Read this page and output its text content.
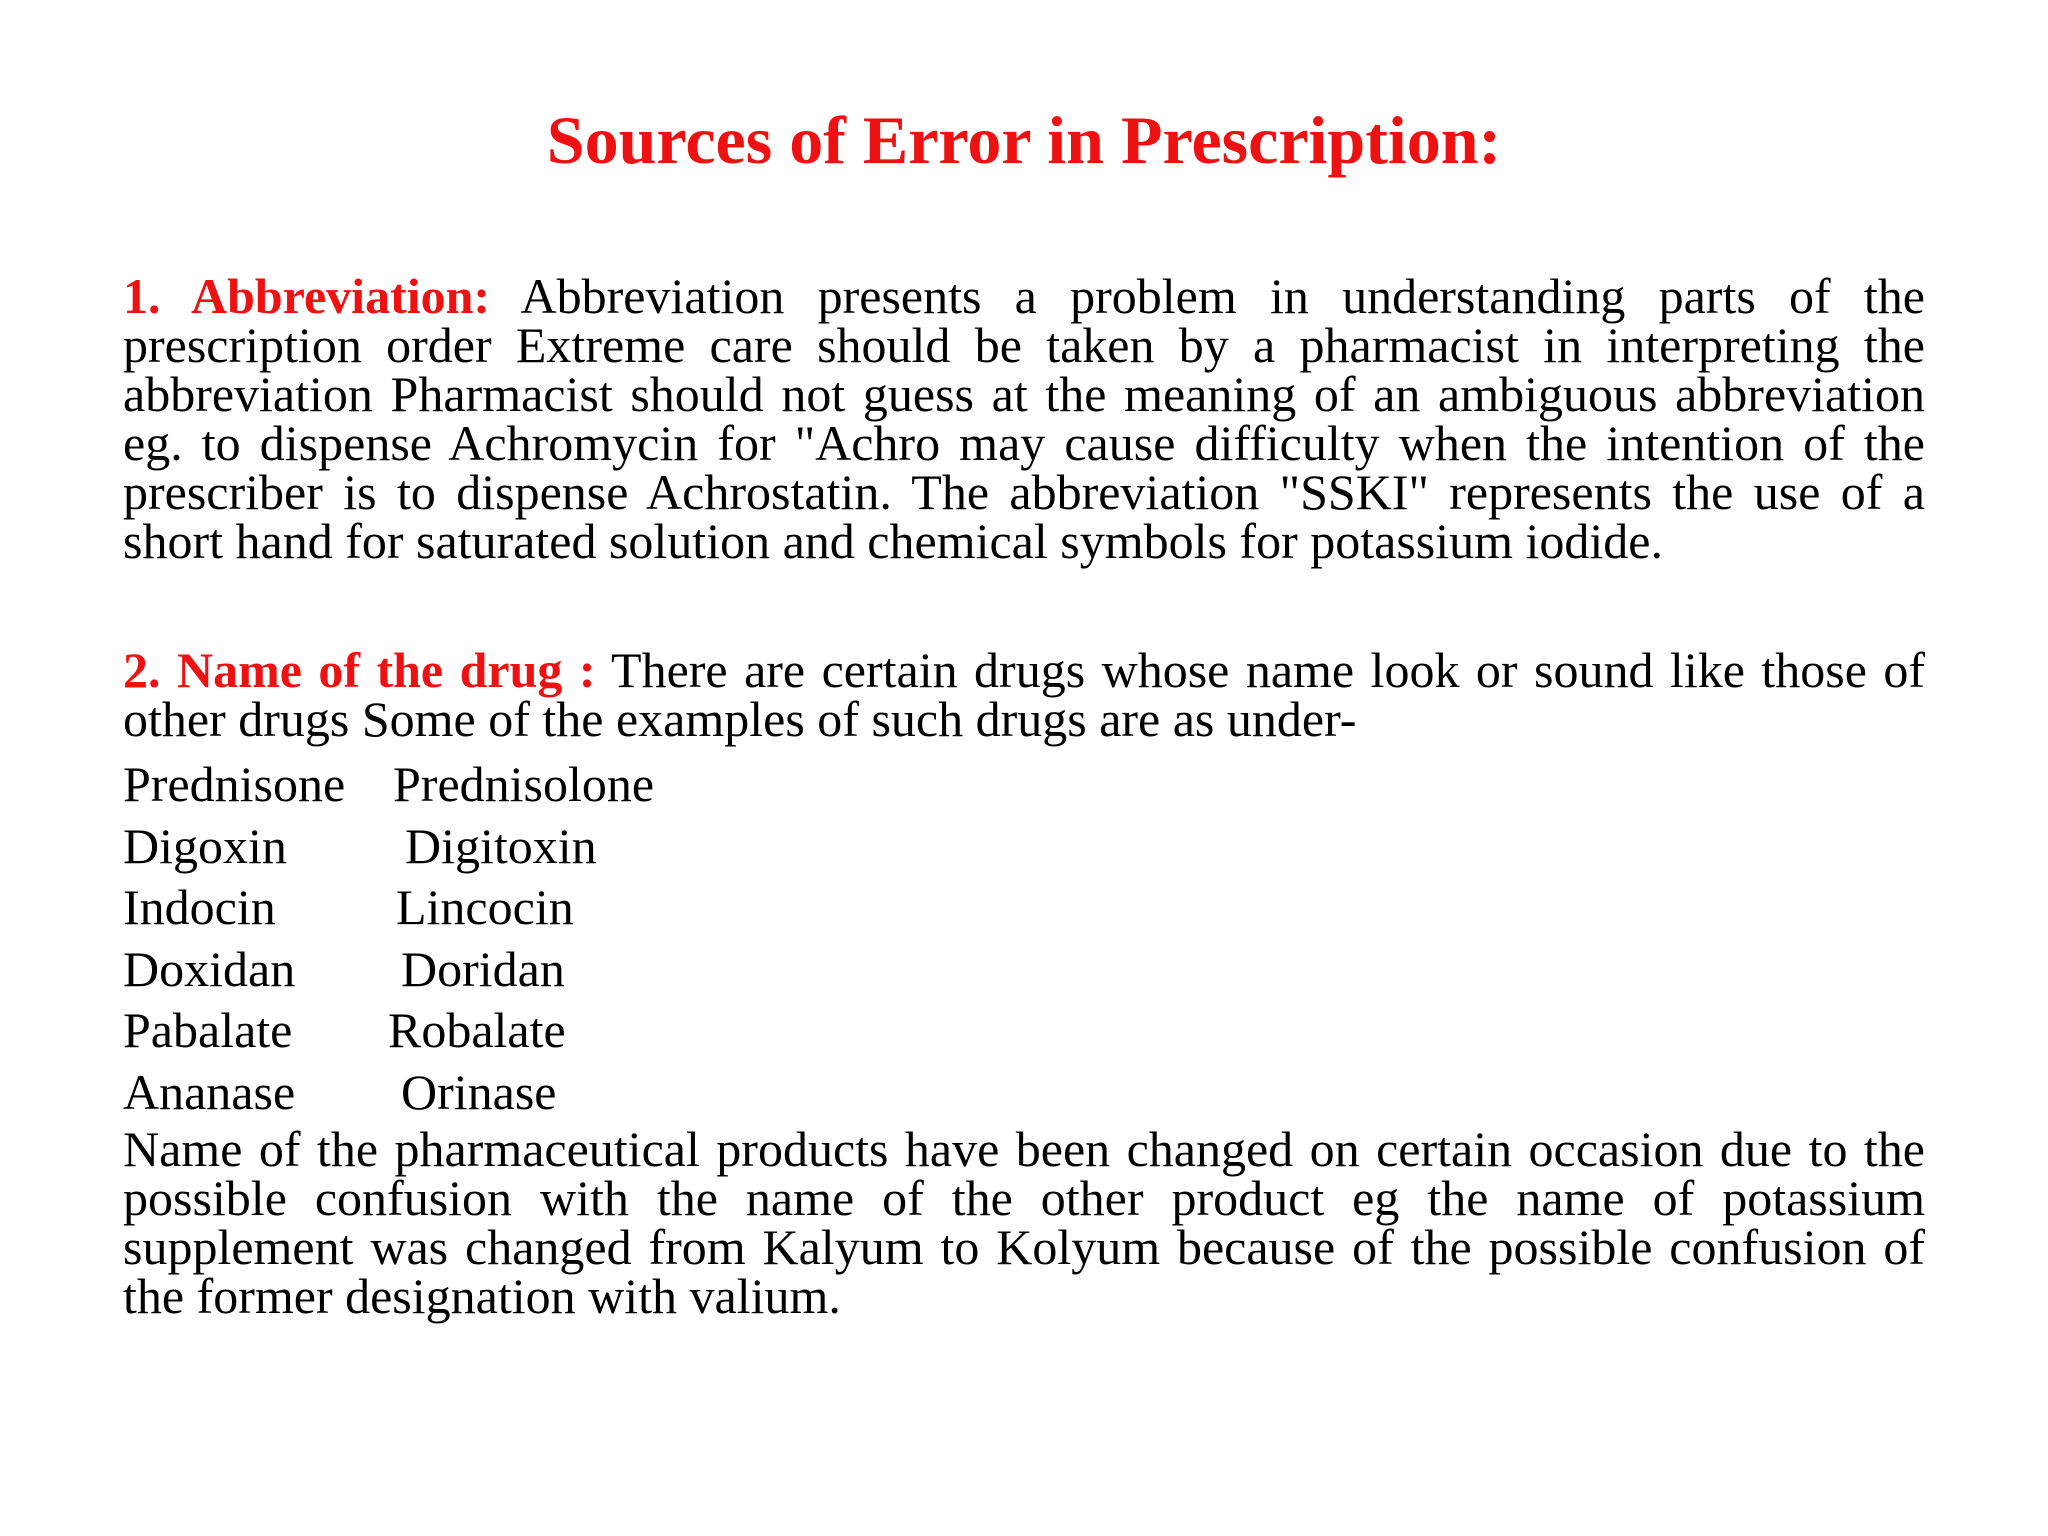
Sources of Error in Prescription:

1. Abbreviation: Abbreviation presents a problem in understanding parts of the prescription order Extreme care should be taken by a pharmacist in interpreting the abbreviation Pharmacist should not guess at the meaning of an ambiguous abbreviation eg. to dispense Achromycin for "Achro may cause difficulty when the intention of the prescriber is to dispense Achrostatin. The abbreviation "SSKI" represents the use of a short hand for saturated solution and chemical symbols for potassium iodide.

2. Name of the drug : There are certain drugs whose name look or sound like those of other drugs Some of the examples of such drugs are as under-

Prednisone Prednisolone
Digoxin	Digitoxin
Indocin	Lincocin
Doxidan	Doridan
Pabalate	Robalate
Ananase	Orinase

Name of the pharmaceutical products have been changed on certain occasion due to the possible confusion with the name of the other product eg the name of potassium supplement was changed from Kalyum to Kolyum because of the possible confusion of the former designation with valium.
